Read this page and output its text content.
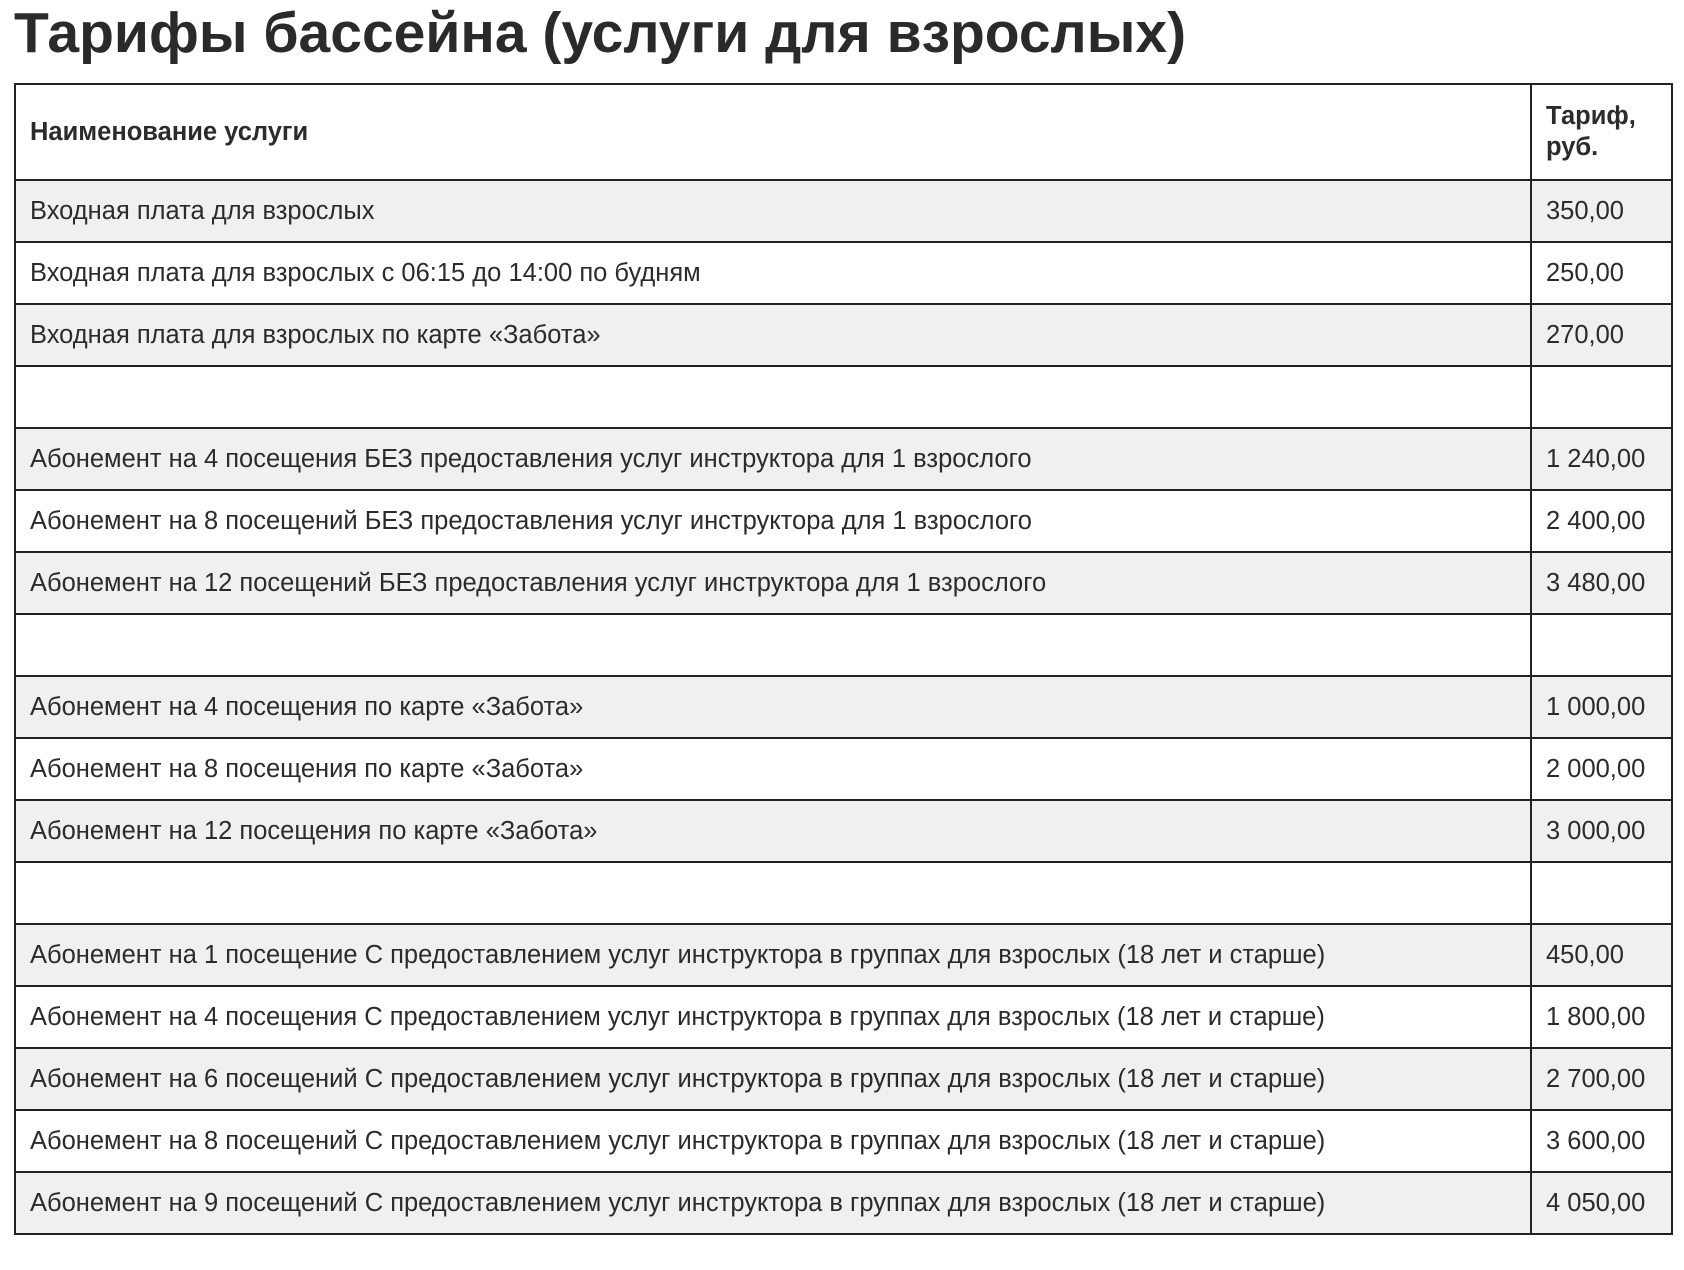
Тарифы бассейна (услуги для взрослых)
Наименование услуги	Тариф, руб.
Входная плата для взрослых	350,00
Входная плата для взрослых с 06:15 до 14:00 по будням	250,00
Входная плата для взрослых по карте «Забота»	270,00

Абонемент на 4 посещения БЕЗ предоставления услуг инструктора для 1 взрослого	1 240,00
Абонемент на 8 посещений БЕЗ предоставления услуг инструктора для 1 взрослого	2 400,00
Абонемент на 12 посещений БЕЗ предоставления услуг инструктора для 1 взрослого	3 480,00

Абонемент на 4 посещения по карте «Забота»	1 000,00
Абонемент на 8 посещения по карте «Забота»	2 000,00
Абонемент на 12 посещения по карте «Забота»	3 000,00

Абонемент на 1 посещение С предоставлением услуг инструктора в группах для взрослых (18 лет и старше)	450,00
Абонемент на 4 посещения С предоставлением услуг инструктора в группах для взрослых (18 лет и старше)	1 800,00
Абонемент на 6 посещений С предоставлением услуг инструктора в группах для взрослых (18 лет и старше)	2 700,00
Абонемент на 8 посещений С предоставлением услуг инструктора в группах для взрослых (18 лет и старше)	3 600,00
Абонемент на 9 посещений С предоставлением услуг инструктора в группах для взрослых (18 лет и старше)	4 050,00
